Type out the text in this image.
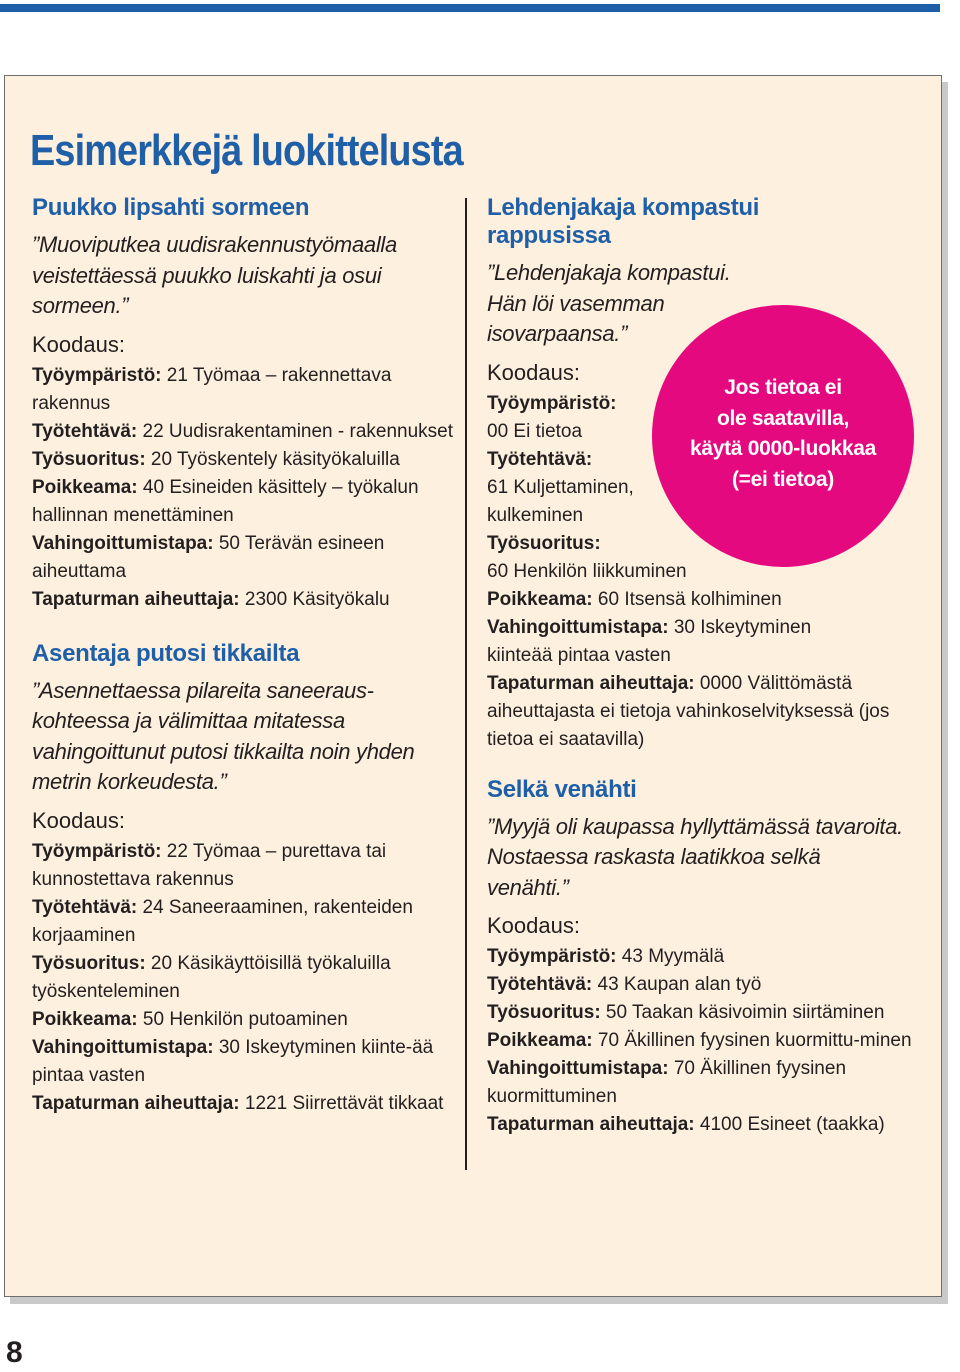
Esimerkkejä luokittelusta
Puukko lipsahti sormeen

”Muoviputkea uudisrakennustyömaalla veistettäessä puukko luiskahti ja osui sormeen.”

Koodaus:

Työympäristö: 21 Työmaa – rakennettava rakennus

Työtehtävä: 22 Uudisrakentaminen - rakennukset

Työsuoritus: 20 Työskentely käsityökaluilla

Poikkeama: 40 Esineiden käsittely – työkalun hallinnan menettäminen

Vahingoittumistapa: 50 Terävän esineen aiheuttama

Tapaturman aiheuttaja: 2300 Käsityökalu

Asentaja putosi tikkailta

”Asennettaessa pilareita saneeraus-kohteessa ja välimittaa mitatessa vahingoittunut putosi tikkailta noin yhden metrin korkeudesta.”

Koodaus:

Työympäristö: 22 Työmaa – purettava tai kunnostettava rakennus

Työtehtävä: 24 Saneeraaminen, rakenteiden korjaaminen

Työsuoritus: 20 Käsikäyttöisillä työkaluilla työskenteleminen

Poikkeama: 50 Henkilön putoaminen

Vahingoittumistapa: 30 Iskeytyminen kiinte-ää pintaa vasten

Tapaturman aiheuttaja: 1221 Siirrettävät tikkaat

Lehdenjakaja kompastui rappusissa

”Lehdenjakaja kompastui. Hän löi vasemman isovarpaansa.”

Koodaus:

Työympäristö:
00 Ei tietoa

Työtehtävä:
61 Kuljettaminen, kulkeminen

Työsuoritus:
60 Henkilön liikkuminen

Poikkeama: 60 Itsensä kolhiminen

Vahingoittumistapa: 30 Iskeytyminen kiinteää pintaa vasten

Tapaturman aiheuttaja: 0000 Välittömästä aiheuttajasta ei tietoja vahinkoselvityksessä (jos tietoa ei saatavilla)

Selkä venähti

”Myyjä oli kaupassa hyllyttämässä tavaroita. Nostaessa raskasta laatikkoa selkä venähti.”

Koodaus:

Työympäristö: 43 Myymälä

Työtehtävä: 43 Kaupan alan työ

Työsuoritus: 50 Taakan käsivoimin siirtäminen

Poikkeama: 70 Äkillinen fyysinen kuormittu-minen

Vahingoittumistapa: 70 Äkillinen fyysinen kuormittuminen

Tapaturman aiheuttaja: 4100 Esineet (taakka)

Jos tietoa ei
ole saatavilla,
käytä 0000-luokkaa
(=ei tietoa)
8
